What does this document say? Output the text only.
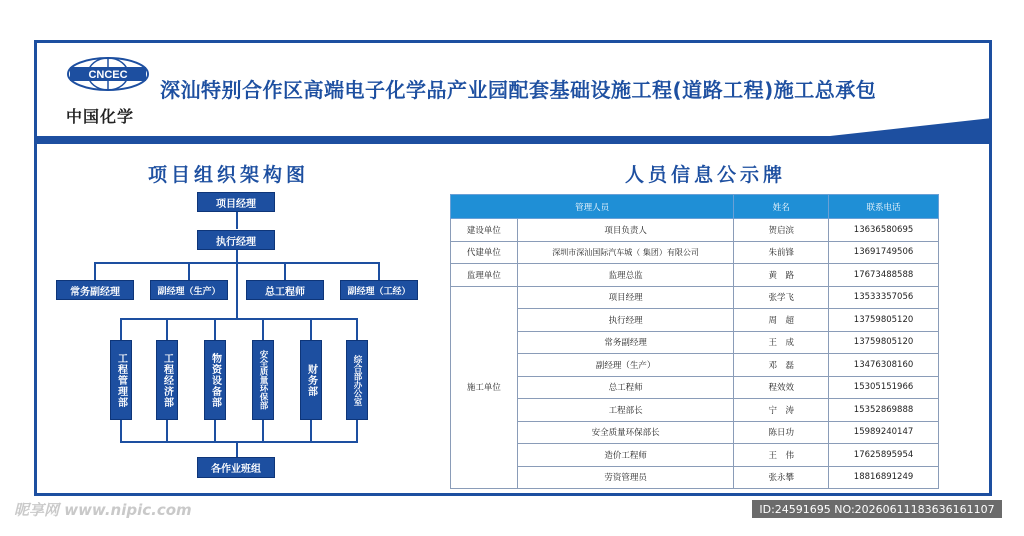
CNCEC
中国化学
深汕特别合作区高端电子化学品产业园配套基础设施工程(道路工程)施工总承包
项目组织架构图	人员信息公示牌
项目经理
执行经理
常务副经理	副经理（生产）	总工程师	副经理（工经）
工程管理部	工程经济部	物资设备部	安全质量环保部	财务部	综合部办公室
各作业班组
管理人员		姓名	联系电话
建设单位	项目负责人	贺启滨	13636580695
代建单位	深圳市深汕国际汽车城（ 集团）有限公司	朱前锋	13691749506
监理单位	监理总监	黄　路	17673488588
施工单位	项目经理	张学飞	13533357056
	执行经理	周　超	13759805120
	常务副经理	王　成	13759805120
	副经理（生产）	邓　磊	13476308160
	总工程师	程效效	15305151966
	工程部长	宁　涛	15352869888
	安全质量环保部长	陈日功	15989240147
	造价工程师	王　伟	17625895954
	劳资管理员	张永攀	18816891249
昵享网 www.nipic.com	ID:24591695 NO:20260611183636161107
